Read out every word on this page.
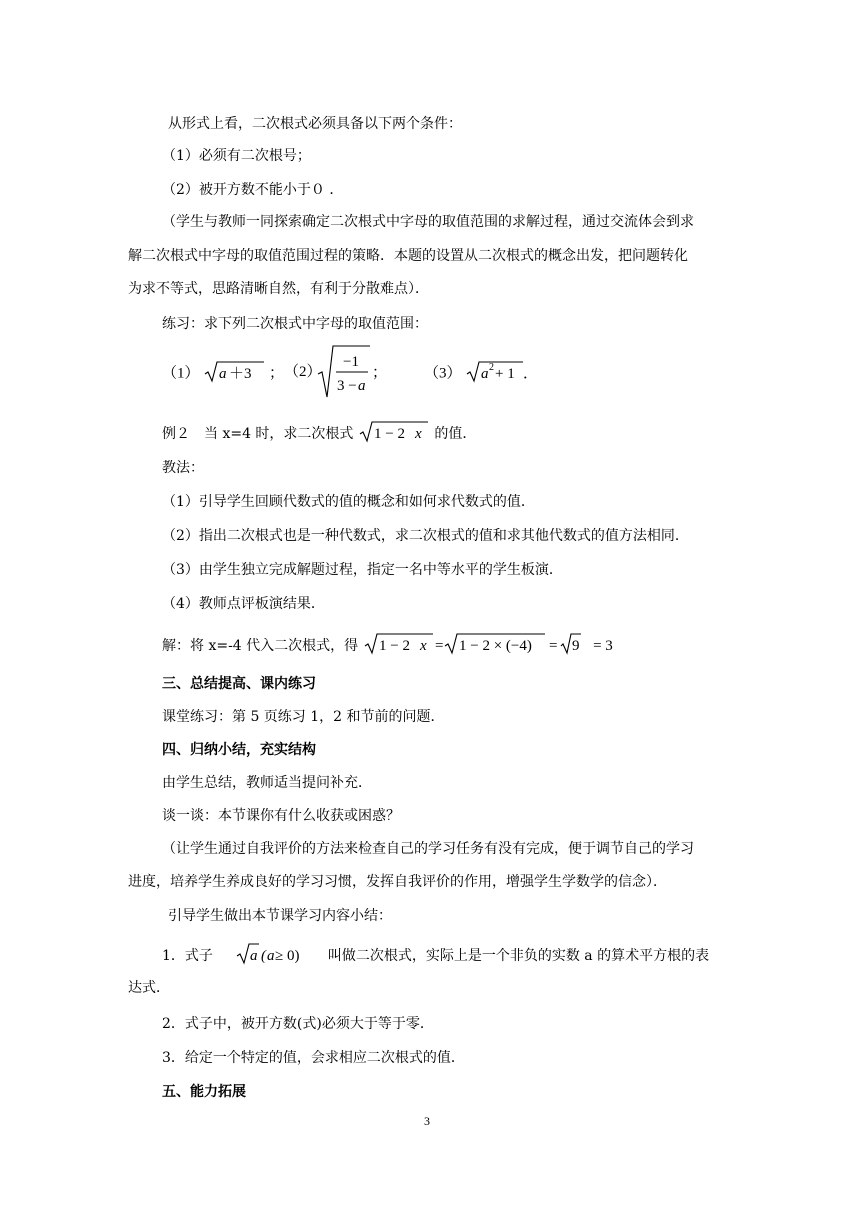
从形式上看，二次根式必须具备以下两个条件：
（1）必须有二次根号；
（2）被开方数不能小于０ ．
（学生与教师一同探索确定二次根式中字母的取值范围的求解过程，通过交流体会到求
解二次根式中字母的取值范围过程的策略．本题的设置从二次根式的概念出发，把问题转化
为求不等式，思路清晰自然，有利于分散难点）．
练习：求下列二次根式中字母的取值范围：
（1） a ＋3 ； （2）
−1
3 − a
； （3） a 2 + 1 ．
例２　当 x=4 时，求二次根式 1 − 2 x 的值．
教法：
（1）引导学生回顾代数式的值的概念和如何求代数式的值．
（2）指出二次根式也是一种代数式，求二次根式的值和求其他代数式的值方法相同．
（3）由学生独立完成解题过程，指定一名中等水平的学生板演．
（4）教师点评板演结果．
解：将 x=-4 代入二次根式，得 1 − 2 x = 1 − 2 × (−4) = 9 = 3
三、总结提高、课内练习
课堂练习：第 5 页练习 1，2 和节前的问题．
四、归纳小结，充实结构
由学生总结，教师适当提问补充．
谈一谈：本节课你有什么收获或困惑？
（让学生通过自我评价的方法来检查自己的学习任务有没有完成，便于调节自己的学习
进度，培养学生养成良好的学习习惯，发挥自我评价的作用，增强学生学数学的信念）．
引导学生做出本节课学习内容小结：
1．式子 a ( a ≥ 0) 叫做二次根式，实际上是一个非负的实数 a 的算术平方根的表
达式．
2．式子中，被开方数(式)必须大于等于零．
3．给定一个特定的值，会求相应二次根式的值．
五、能力拓展
3
